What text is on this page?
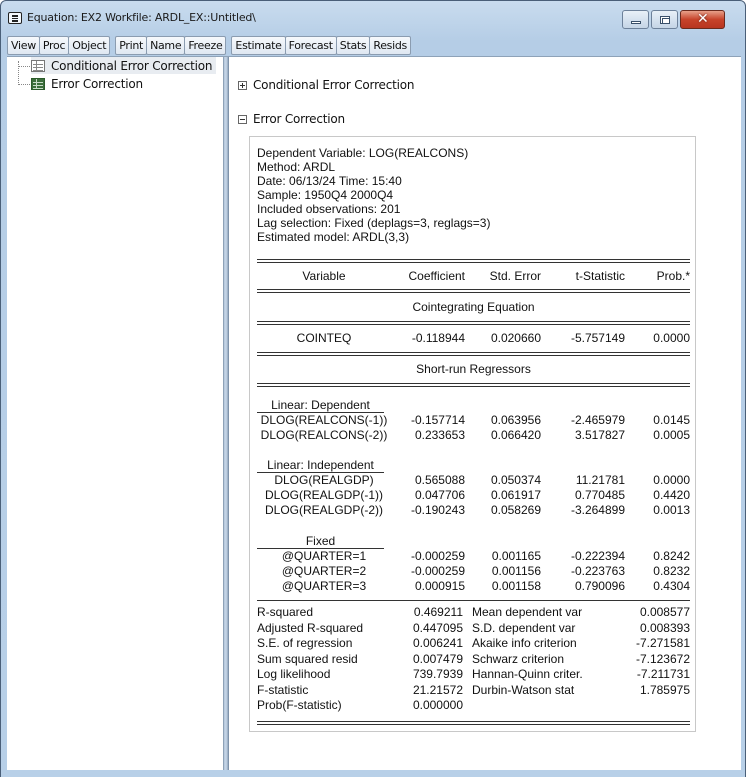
Equation: EX2 Workfile: ARDL_EX::Untitled\	✕
View Proc Object	Print Name Freeze	Estimate Forecast Stats Resids
Conditional Error Correction
Error Correction	Conditional Error Correction
Error Correction
Dependent Variable: LOG(REALCONS)
Method: ARDL
Date: 06/13/24 Time: 15:40
Sample: 1950Q4 2000Q4
Included observations: 201
Lag selection: Fixed (deplags=3, reglags=3)
Estimated model: ARDL(3,3)
Variable	Coefficient	Std. Error	t-Statistic	Prob.*
Cointegrating Equation
COINTEQ	-0.118944	0.020660	-5.757149	0.0000
Short-run Regressors
Linear: Dependent
DLOG(REALCONS(-1))	-0.157714	0.063956	-2.465979	0.0145
DLOG(REALCONS(-2))	0.233653	0.066420	3.517827	0.0005
Linear: Independent
DLOG(REALGDP)	0.565088	0.050374	11.21781	0.0000
DLOG(REALGDP(-1))	0.047706	0.061917	0.770485	0.4420
DLOG(REALGDP(-2))	-0.190243	0.058269	-3.264899	0.0013
Fixed
@QUARTER=1	-0.000259	0.001165	-0.222394	0.8242
@QUARTER=2	-0.000259	0.001156	-0.223763	0.8232
@QUARTER=3	0.000915	0.001158	0.790096	0.4304
R-squared	0.469211 Mean dependent var	0.008577
Adjusted R-squared	0.447095 S.D. dependent var	0.008393
S.E. of regression	0.006241 Akaike info criterion	-7.271581
Sum squared resid	0.007479 Schwarz criterion	-7.123672
Log likelihood	739.7939 Hannan-Quinn criter.	-7.211731
F-statistic	21.21572 Durbin-Watson stat	1.785975
Prob(F-statistic)	0.000000
